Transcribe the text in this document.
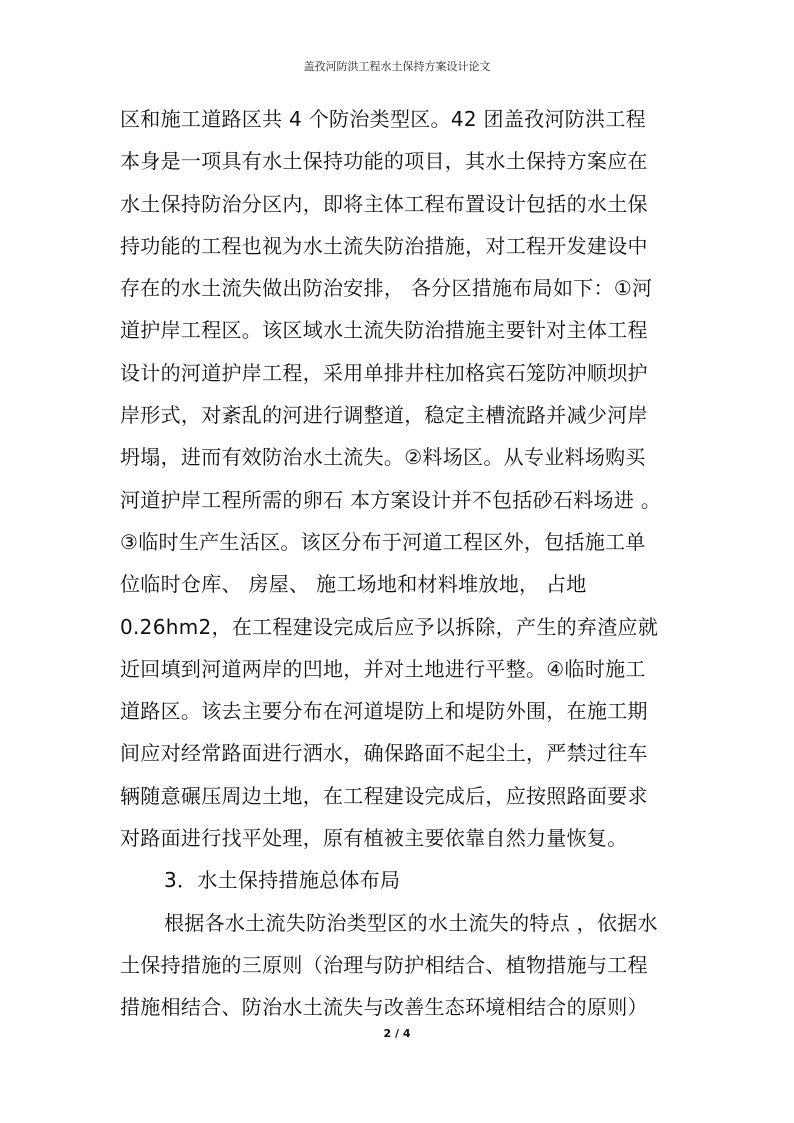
盖孜河防洪工程水土保持方案设计论文
区和施工道路区共 4 个防治类型区。42 团盖孜河防洪工程
本身是一项具有水土保持功能的项目，其水土保持方案应在
水土保持防治分区内，即将主体工程布置设计包括的水土保
持功能的工程也视为水土流失防治措施，对工程开发建设中
存在的水土流失做出防治安排， 各分区措施布局如下：①河
道护岸工程区。该区域水土流失防治措施主要针对主体工程
设计的河道护岸工程，采用单排井柱加格宾石笼防冲顺坝护
岸形式，对紊乱的河进行调整道，稳定主槽流路并减少河岸
坍塌，进而有效防治水土流失。②料场区。从专业料场购买
河道护岸工程所需的卵石 本方案设计并不包括砂石料场进 。
③临时生产生活区。该区分布于河道工程区外，包括施工单
位临时仓库、 房屋、 施工场地和材料堆放地， 占地
0.26hm2，在工程建设完成后应予以拆除，产生的弃渣应就
近回填到河道两岸的凹地，并对土地进行平整。④临时施工
道路区。该去主要分布在河道堤防上和堤防外围，在施工期
间应对经常路面进行洒水，确保路面不起尘土，严禁过往车
辆随意碾压周边土地，在工程建设完成后，应按照路面要求
对路面进行找平处理，原有植被主要依靠自然力量恢复。
3．水土保持措施总体布局
根据各水土流失防治类型区的水土流失的特点 ，依据水
土保持措施的三原则（治理与防护相结合、植物措施与工程
措施相结合、防治水土流失与改善生态环境相结合的原则）
2 / 4
